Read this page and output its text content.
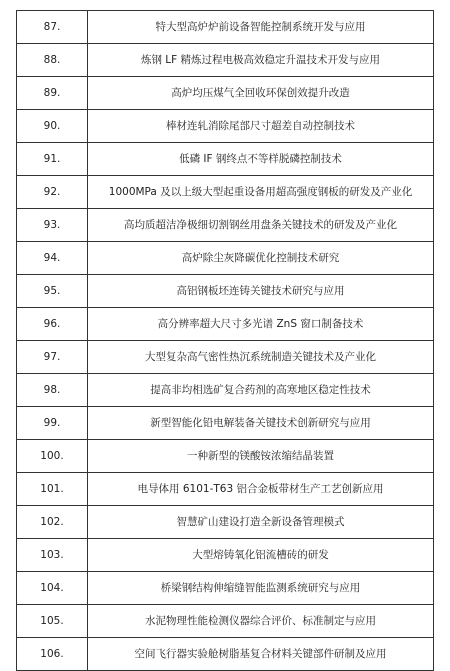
87.	特大型高炉炉前设备智能控制系统开发与应用
88.	炼钢 LF 精炼过程电极高效稳定升温技术开发与应用
89.	高炉均压煤气全回收环保创效提升改造
90.	棒材连轧消除尾部尺寸超差自动控制技术
91.	低磷 IF 钢终点不等样脱磷控制技术
92.	1000MPa 及以上级大型起重设备用超高强度钢板的研发及产业化
93.	高均质超洁净极细切割钢丝用盘条关键技术的研发及产业化
94.	高炉除尘灰降碳优化控制技术研究
95.	高铝钢板坯连铸关键技术研究与应用
96.	高分辨率超大尺寸多光谱 ZnS 窗口制备技术
97.	大型复杂高气密性热沉系统制造关键技术及产业化
98.	提高非均相选矿复合药剂的高寒地区稳定性技术
99.	新型智能化铅电解装备关键技术创新研究与应用
100.	一种新型的镁酸铵浓缩结晶装置
101.	电导体用 6101-T63 铝合金板带材生产工艺创新应用
102.	智慧矿山建设打造全新设备管理模式
103.	大型熔铸氧化铝流槽砖的研发
104.	桥梁钢结构伸缩缝智能监测系统研究与应用
105.	水泥物理性能检测仪器综合评价、标准制定与应用
106.	空间飞行器实验舱树脂基复合材料关键部件研制及应用
